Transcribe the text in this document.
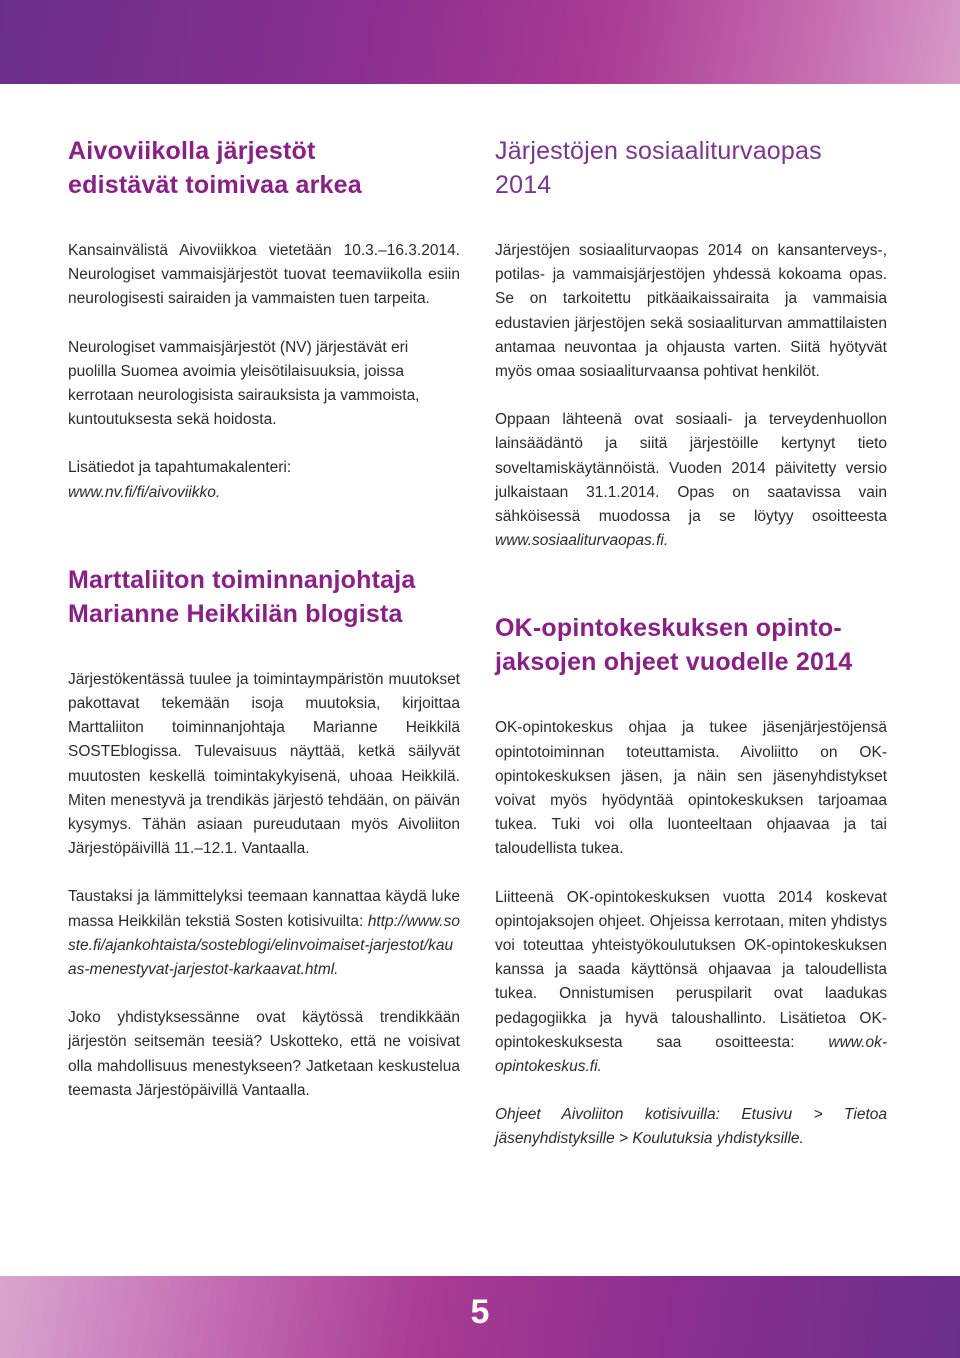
Aivoviikolla järjestöt
edistävät toimivaa arkea

Kansainvälistä Aivoviikkoa vietetään 10.3.–16.3.2014. Neurologiset vammaisjärjestöt tuovat teemaviikolla esiin neurologisesti sairaiden ja vammaisten tuen tarpeita.

Neurologiset vammaisjärjestöt (NV) järjestävät eri puolilla Suomea avoimia yleisötilaisuuksia, joissa kerrotaan neurologisista sairauksista ja vammoista, kuntoutuksesta sekä hoidosta.

Lisätiedot ja tapahtumakalenteri:
www.nv.fi/fi/aivoviikko.

Marttaliiton toiminnanjohtaja
Marianne Heikkilän blogista

Järjestökentässä tuulee ja toimintaympäristön muutokset pakottavat tekemään isoja muutoksia, kirjoittaa Marttaliiton toiminnanjohtaja Marianne Heikkilä SOSTEblogissa. Tulevaisuus näyttää, ketkä säilyvät muutosten keskellä toimintakykyisenä, uhoaa Heikkilä. Miten menestyvä ja trendikäs järjestö tehdään, on päivän kysymys. Tähän asiaan pureudutaan myös Aivoliiton Järjestöpäivillä 11.–12.1. Vantaalla.

Taustaksi ja lämmittelyksi teemaan kannattaa käydä lukemassa Heikkilän tekstiä Sosten kotisivuilta: http://www.soste.fi/ajankohtaista/sosteblogi/elinvoimaiset-jarjestot/kauas-menestyvat-jarjestot-karkaavat.html.

Joko yhdistyksessänne ovat käytössä trendikkään järjestön seitsemän teesiä? Uskotteko, että ne voisivat olla mahdollisuus menestykseen? Jatketaan keskustelua teemasta Järjestöpäivillä Vantaalla.

Järjestöjen sosiaaliturvaopas
2014

Järjestöjen sosiaaliturvaopas 2014 on kansanterveys-, potilas- ja vammaisjärjestöjen yhdessä kokoama opas. Se on tarkoitettu pitkäaikaissairaita ja vammaisia edustavien järjestöjen sekä sosiaaliturvan ammattilaisten antamaa neuvontaa ja ohjausta varten. Siitä hyötyvät myös omaa sosiaaliturvaansa pohtivat henkilöt.

Oppaan lähteenä ovat sosiaali- ja terveydenhuollon lainsäädäntö ja siitä järjestöille kertynyt tieto soveltamiskäytännöistä. Vuoden 2014 päivitetty versio julkaistaan 31.1.2014. Opas on saatavissa vain sähköisessä muodossa ja se löytyy osoitteesta www.sosiaaliturvaopas.fi.

OK-opintokeskuksen opinto-
jaksojen ohjeet vuodelle 2014

OK-opintokeskus ohjaa ja tukee jäsenjärjestöjensä opintotoiminnan toteuttamista. Aivoliitto on OK-opintokeskuksen jäsen, ja näin sen jäsenyhdistykset voivat myös hyödyntää opintokeskuksen tarjoamaa tukea. Tuki voi olla luonteeltaan ohjaavaa ja tai taloudellista tukea.

Liitteenä OK-opintokeskuksen vuotta 2014 koskevat opintojaksojen ohjeet. Ohjeissa kerrotaan, miten yhdistys voi toteuttaa yhteistyökoulutuksen OK-opintokeskuksen kanssa ja saada käyttönsä ohjaavaa ja taloudellista tukea. Onnistumisen peruspilarit ovat laadukas pedagogiikka ja hyvä taloushallinto. Lisätietoa OK-opintokeskuksesta saa osoitteesta: www.ok-opintokeskus.fi.

Ohjeet Aivoliiton kotisivuilla: Etusivu > Tietoa jäsenyhdistyksille > Koulutuksia yhdistyksille.

5
